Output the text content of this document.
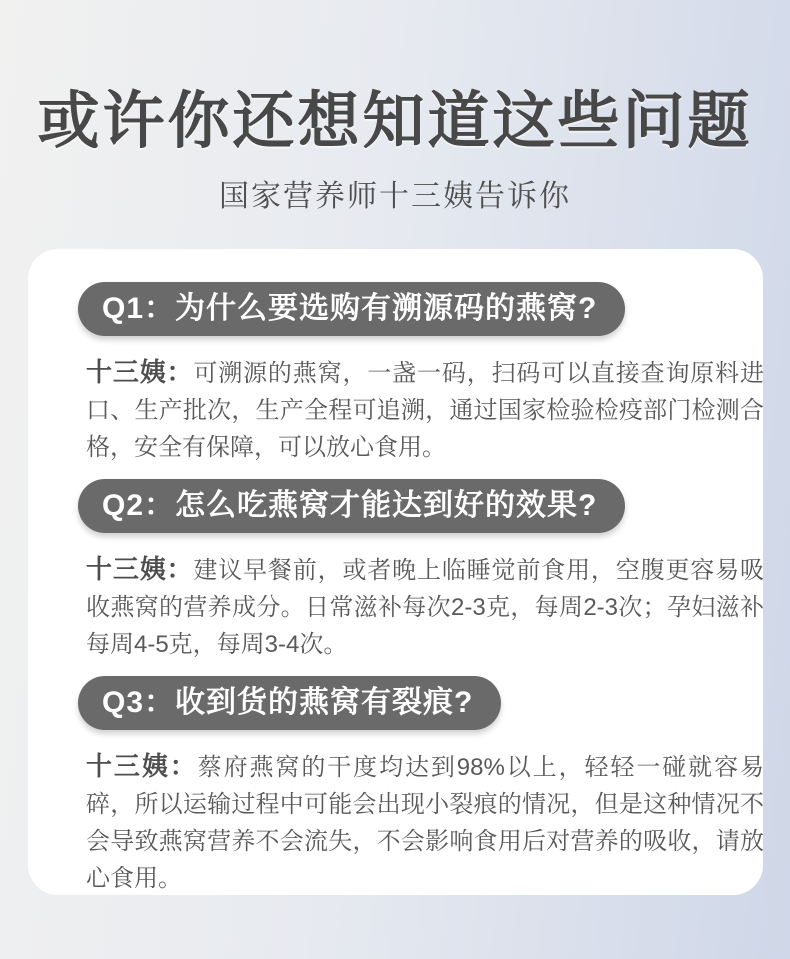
或许你还想知道这些问题
国家营养师十三姨告诉你
Q1：为什么要选购有溯源码的燕窝?

十三姨：可溯源的燕窝，一盏一码，扫码可以直接查询原料进口、生产批次，生产全程可追溯，通过国家检验检疫部门检测合格，安全有保障，可以放心食用。

Q2：怎么吃燕窝才能达到好的效果?

十三姨：建议早餐前，或者晚上临睡觉前食用，空腹更容易吸收燕窝的营养成分。日常滋补每次2-3克，每周2-3次；孕妇滋补每周4-5克，每周3-4次。

Q3：收到货的燕窝有裂痕?

十三姨：蔡府燕窝的干度均达到98%以上，轻轻一碰就容易碎，所以运输过程中可能会出现小裂痕的情况，但是这种情况不会导致燕窝营养不会流失，不会影响食用后对营养的吸收，请放心食用。
